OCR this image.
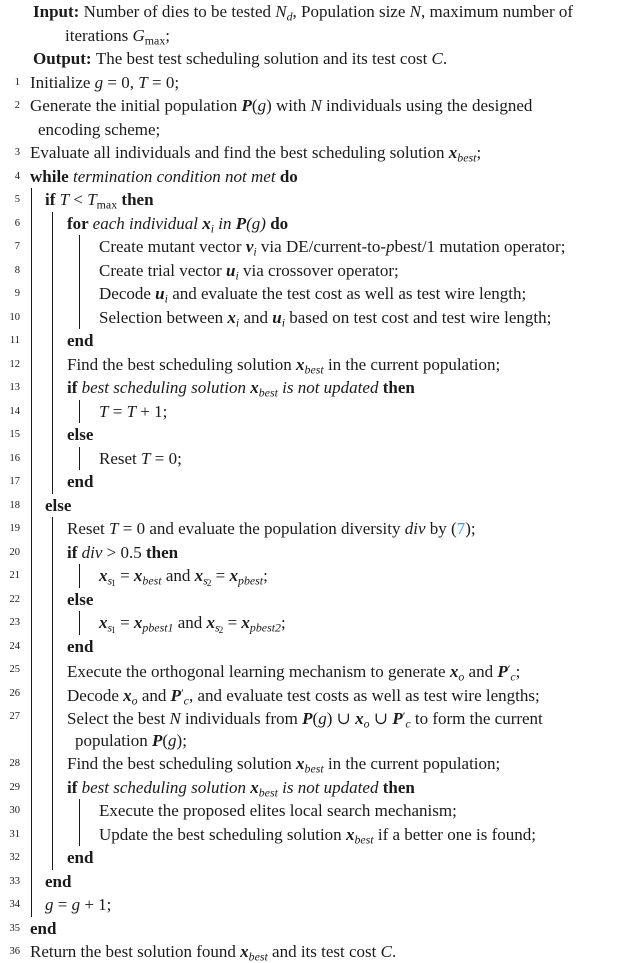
Input: Number of dies to be tested $N_d$, Population size N, maximum number of
iterations $G_{max}$;
Output: The best test scheduling solution and its test cost C.
1 Initialize g = 0, T = 0;
2 Generate the initial population P(g) with N individuals using the designed
encoding scheme;
3 Evaluate all individuals and find the best scheduling solution $x_{best}$;
4 while termination condition not met do
5 if $T < T_{max}$ then
6	for each individual $x_i$ in P(g) do
7	Create mutant vector $v_i$ via DE/current-to-pbest/1 mutation operator;
8	Create trial vector $u_i$ via crossover operator;
9	Decode $u_i$ and evaluate the test cost as well as test wire length;
10	Selection between $x_i$ and $u_i$ based on test cost and test wire length;
11	end
12	Find the best scheduling solution $x_{best}$ in the current population;
13	if best scheduling solution $x_{best}$ is not updated then
14	T = T + 1;
15	else
16	Reset T = 0;
17	end
18 else
19	Reset T = 0 and evaluate the population diversity div by (7);
20	if div > 0.5 then
21	$x_{s1} = x_{best}$ and $x_{s2} = x_{pbest}$;
22	else
23	$x_{s1} = x_{pbest1}$ and $x_{s2} = x_{pbest2}$;
24	end
25	Execute the orthogonal learning mechanism to generate $x_o$ and $P'_c$;
26	Decode $x_o$ and $P'_c$, and evaluate test costs as well as test wire lengths;
27	Select the best N individuals from P(g) ∪ $x_o$ ∪ $P'_c$ to form the current
population P(g);
28	Find the best scheduling solution $x_{best}$ in the current population;
29	if best scheduling solution $x_{best}$ is not updated then
30	Execute the proposed elites local search mechanism;
31	Update the best scheduling solution $x_{best}$ if a better one is found;
32	end
33 end
34 g = g + 1;
35 end
36 Return the best solution found $x_{best}$ and its test cost C.
